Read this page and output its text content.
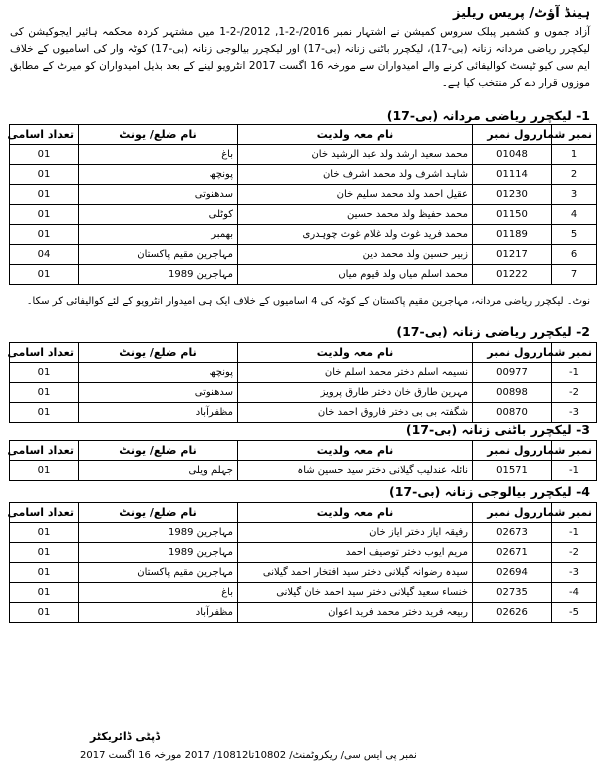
ہینڈ آؤٹ/ پریس ریلیز
آزاد جموں و کشمیر پبلک سروس کمیشن نے اشتہار نمبر 2016/-2-1, 2012/-2-1 میں مشتہر کردہ محکمہ ہائیر ایجوکیشن کی لیکچرر ریاضی مردانہ زنانہ (بی-17)، لیکچرر باٹنی زنانہ (بی-17) اور لیکچرر بیالوجی زنانہ (بی-17) کوٹہ وار کی اسامیوں کے خلاف ایم سی کیو ٹیسٹ کوالیفائی کرنے والے امیدواران سے مورخہ 16 اگست 2017 انٹرویو لینے کے بعد بذیل امیدواران کو میرٹ کے مطابق موزوں قرار دے کر منتخب کیا ہے۔
1- لیکچرر ریاضی مردانہ (بی-17)
نمبر شمار	رول نمبر	نام معہ ولدیت	نام ضلع/ یونٹ	تعداد اسامی
1	01048	محمد سعید ارشد ولد عبد الرشید خان	باغ	01
2	01114	شاہد اشرف ولد محمد اشرف خان	پونچھ	01
3	01230	عقیل احمد ولد محمد سلیم خان	سدھنوتی	01
4	01150	محمد حفیظ ولد محمد حسین	کوٹلی	01
5	01189	محمد فرید غوث ولد غلام غوث چوہدری	بھمبر	01
6	01217	زبیر حسین ولد محمد دین	مہاجرین مقیم پاکستان	04
7	01222	محمد اسلم میاں ولد قیوم میاں	مہاجرین 1989	01
نوٹ۔ لیکچرر ریاضی مردانہ، مہاجرین مقیم پاکستان کے کوٹہ کی 4 اسامیوں کے خلاف ایک ہی امیدوار انٹرویو کے لئے کوالیفائی کر سکا۔
2- لیکچرر ریاضی زنانہ (بی-17)
نمبر شمار	رول نمبر	نام معہ ولدیت	نام ضلع/ یونٹ	تعداد اسامی
-1	00977	نسیمہ اسلم دختر محمد اسلم خان	پونچھ	01
-2	00898	مہرین طارق خان دختر طارق پرویز	سدھنوتی	01
-3	00870	شگفتہ بی بی دختر فاروق احمد خان	مظفرآباد	01
3- لیکچرر باٹنی زنانہ (بی-17)
نمبر شمار	رول نمبر	نام معہ ولدیت	نام ضلع/ یونٹ	تعداد اسامی
-1	01571	نائلہ عندلیب گیلانی دختر سید حسین شاہ	جہلم ویلی	01
4- لیکچرر بیالوجی زنانہ (بی-17)
نمبر شمار	رول نمبر	نام معہ ولدیت	نام ضلع/ یونٹ	تعداد اسامی
-1	02673	رفیقہ ایاز دختر ایاز خان	مہاجرین 1989	01
-2	02671	مریم ایوب دختر توصیف احمد	مہاجرین 1989	01
-3	02694	سیدہ رضوانہ گیلانی دختر سید افتخار احمد گیلانی	مہاجرین مقیم پاکستان	01
-4	02735	خنساء سعید گیلانی دختر سید احمد خان گیلانی	باغ	01
-5	02626	ربیعہ فرید دختر محمد فرید اعوان	مظفرآباد	01
ڈپٹی ڈائریکٹر
نمبر پی ایس سی/ ریکروٹمنٹ/ 10802تا10812/ 2017 مورخہ 16 اگست 2017
